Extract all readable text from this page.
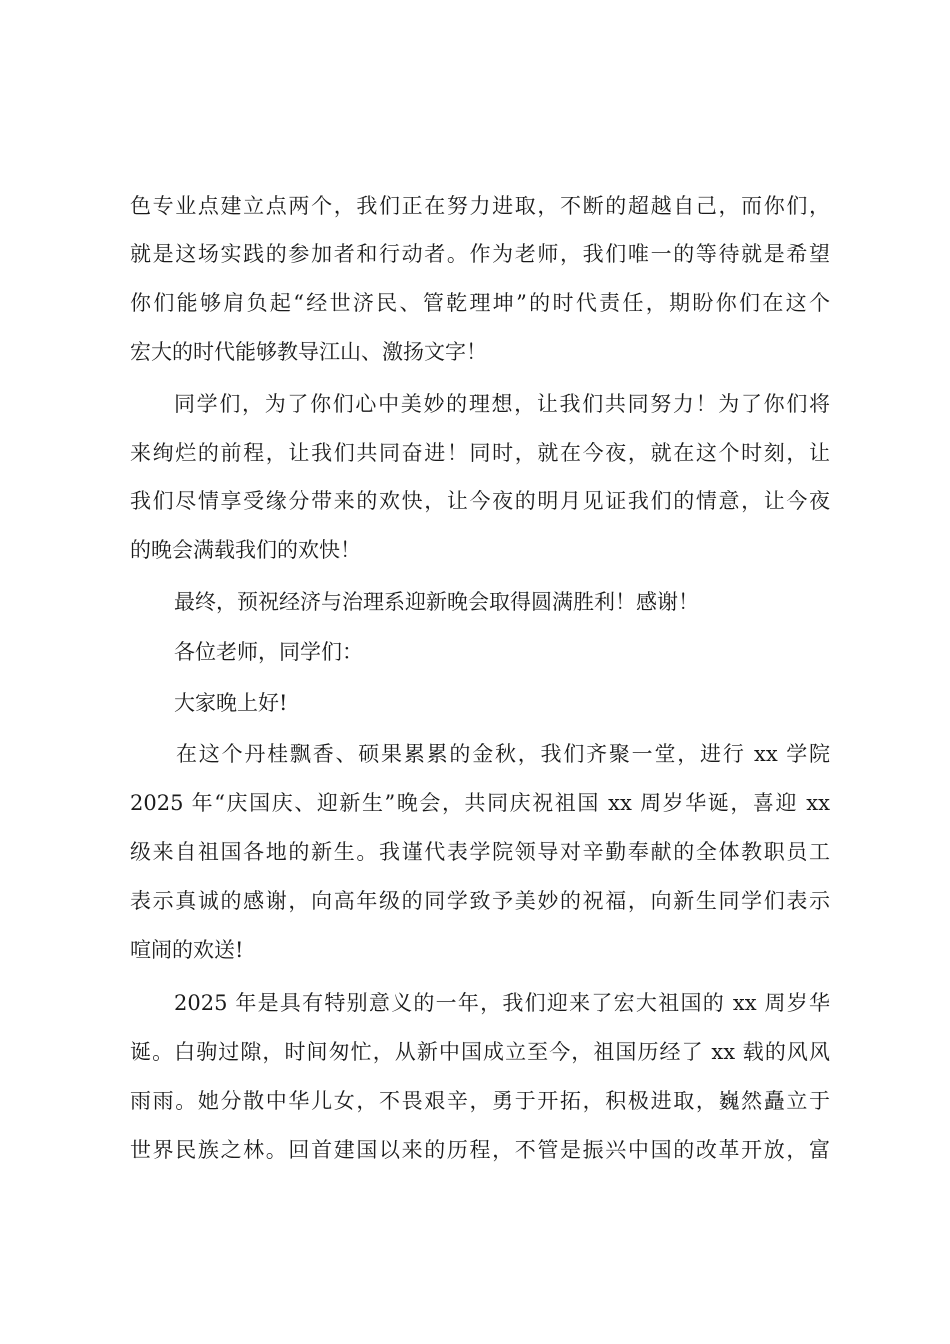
色专业点建立点两个，我们正在努力进取，不断的超越自己，而你们，

就是这场实践的参加者和行动者。作为老师，我们唯一的等待就是希望

你们能够肩负起“经世济民、管乾理坤”的时代责任，期盼你们在这个

宏大的时代能够教导江山、激扬文字！

同学们，为了你们心中美妙的理想，让我们共同努力！为了你们将

来绚烂的前程，让我们共同奋进！同时，就在今夜，就在这个时刻，让

我们尽情享受缘分带来的欢快，让今夜的明月见证我们的情意，让今夜

的晚会满载我们的欢快！

最终，预祝经济与治理系迎新晚会取得圆满胜利！感谢！

各位老师，同学们：

大家晚上好!

在这个丹桂飘香、硕果累累的金秋，我们齐聚一堂，进行 xx 学院

2025 年“庆国庆、迎新生”晚会，共同庆祝祖国 xx 周岁华诞，喜迎 xx

级来自祖国各地的新生。我谨代表学院领导对辛勤奉献的全体教职员工

表示真诚的感谢，向高年级的同学致予美妙的祝福，向新生同学们表示

喧闹的欢送!

2025 年是具有特别意义的一年，我们迎来了宏大祖国的 xx 周岁华

诞。白驹过隙，时间匆忙，从新中国成立至今，祖国历经了 xx 载的风风

雨雨。她分散中华儿女，不畏艰辛，勇于开拓，积极进取，巍然矗立于

世界民族之林。回首建国以来的历程，不管是振兴中国的改革开放，富
